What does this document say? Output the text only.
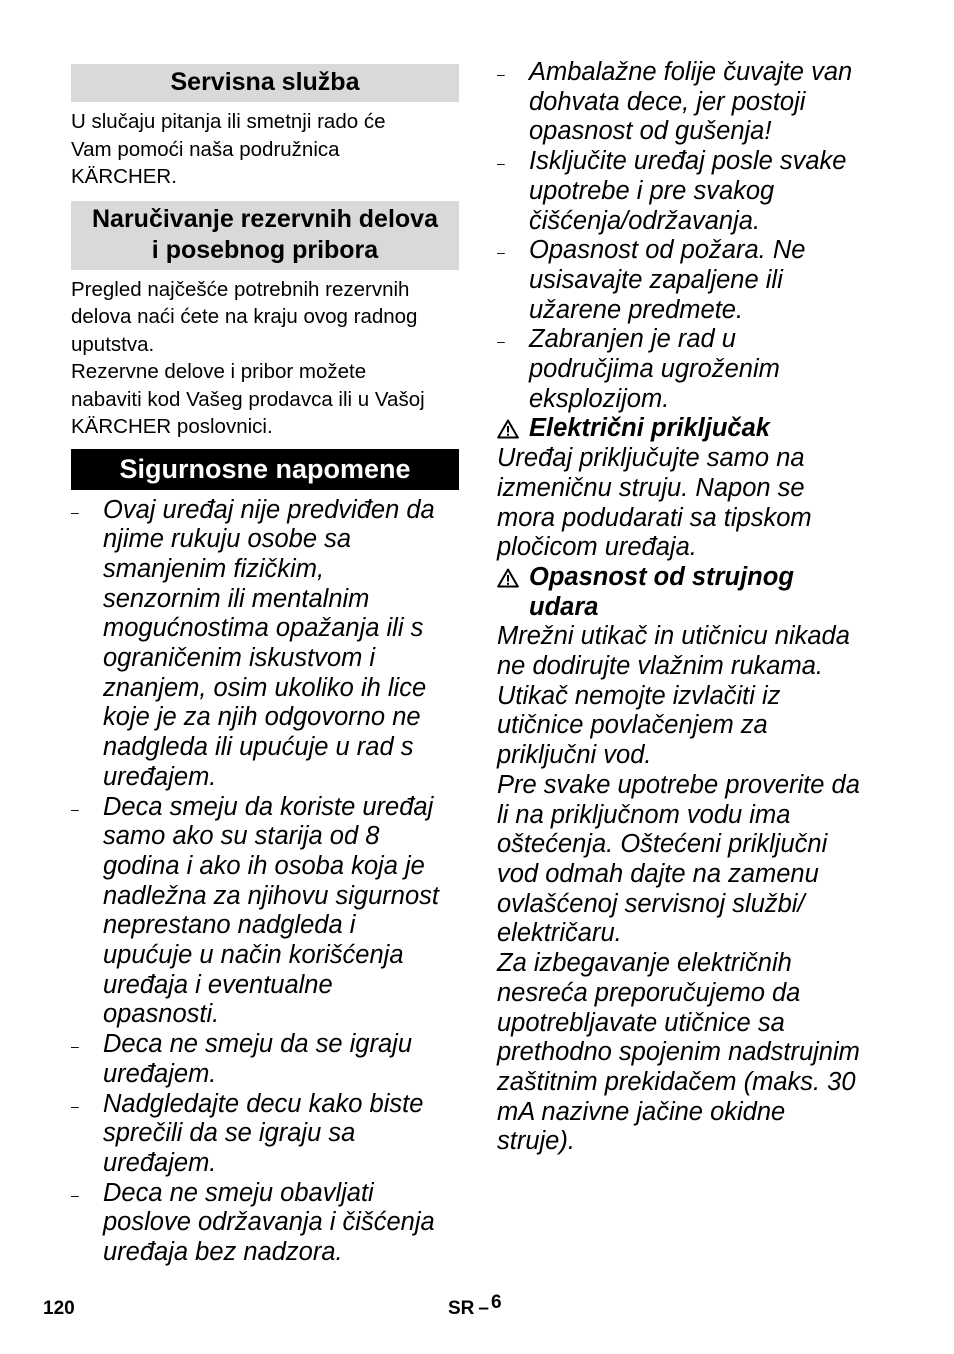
Servisna služba

U slučaju pitanja ili smetnji rado će
Vam pomoći naša podružnica
KÄRCHER.

Naručivanje rezervnih delova
i posebnog pribora

Pregled najčešće potrebnih rezervnih
delova naći ćete na kraju ovog radnog
uputstva.

Rezervne delove i pribor možete
nabaviti kod Vašeg prodavca ili u Vašoj
KÄRCHER poslovnici.

Sigurnosne napomene
– Ovaj uređaj nije predviđen da
njime rukuju osobe sa
smanjenim fizičkim,
senzornim ili mentalnim
mogućnostima opažanja ili s
ograničenim iskustvom i
znanjem, osim ukoliko ih lice
koje je za njih odgovorno ne
nadgleda ili upućuje u rad s
uređajem.
– Deca smeju da koriste uređaj
samo ako su starija od 8
godina i ako ih osoba koja je
nadležna za njihovu sigurnost
neprestano nadgleda i
upućuje u način korišćenja
uređaja i eventualne
opasnosti.
– Deca ne smeju da se igraju
uređajem.
– Nadgledajte decu kako biste
sprečili da se igraju sa
uređajem.
– Deca ne smeju obavljati
poslove održavanja i čišćenja
uređaja bez nadzora.
– Ambalažne folije čuvajte van
dohvata dece, jer postoji
opasnost od gušenja!
– Isključite uređaj posle svake
upotrebe i pre svakog
čišćenja/održavanja.
– Opasnost od požara. Ne
usisavajte zapaljene ili
užarene predmete.
– Zabranjen je rad u
područjima ugroženim
eksplozijom.
Električni priključak

Uređaj priključujte samo na
izmeničnu struju. Napon se
mora podudarati sa tipskom
pločicom uređaja.

Opasnost od strujnog
udara

Mrežni utikač in utičnicu nikada
ne dodirujte vlažnim rukama.

Utikač nemojte izvlačiti iz
utičnice povlačenjem za
priključni vod.

Pre svake upotrebe proverite da
li na priključnom vodu ima
oštećenja. Oštećeni priključni
vod odmah dajte na zamenu
ovlašćenoj servisnoj službi/
električaru.

Za izbegavanje električnih
nesreća preporučujemo da
upotrebljavate utičnice sa
prethodno spojenim nadstrujnim
zaštitnim prekidačem (maks. 30
mA nazivne jačine okidne
struje).

120	SR – 6
